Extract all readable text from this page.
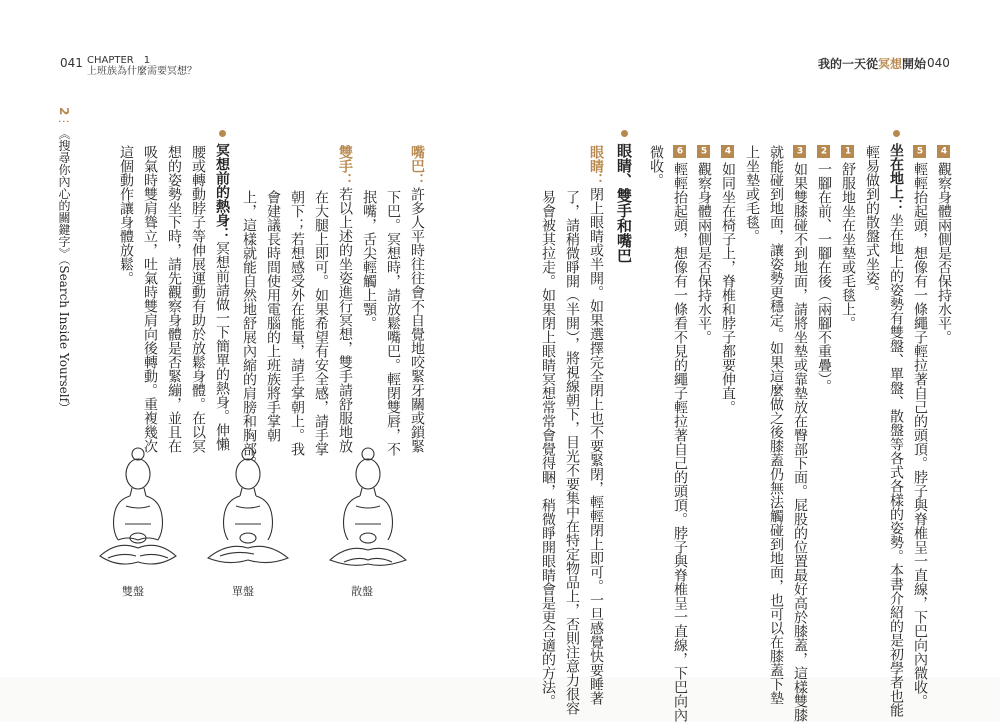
041 CHAPTER　1
上班族為什麼需要冥想？
我的一天從冥想開始 040
4觀察身體兩側是否保持水平。
5輕輕抬起頭，想像有一條繩子輕拉著自己的頭頂。脖子與脊椎呈一直線，下巴向內微收。
坐在地上：坐在地上的姿勢有雙盤、單盤、散盤等各式各樣的姿勢。本書介紹的是初學者也能
輕易做到的散盤式坐姿。
1舒服地坐在坐墊或毛毯上。
2一腳在前、一腳在後（兩腳不重疊）。
3如果雙膝碰不到地面，請將坐墊或靠墊放在臀部下面。屁股的位置最好高於膝蓋，這樣雙膝
就能碰到地面，讓姿勢更穩定。如果這麼做之後膝蓋仍無法觸碰到地面，也可以在膝蓋下墊
上坐墊或毛毯。
4如同坐在椅子上，脊椎和脖子都要伸直。
5觀察身體兩側是否保持水平。
6輕輕抬起頭，想像有一條看不見的繩子輕拉著自己的頭頂。脖子與脊椎呈一直線，下巴向內
微收。
眼睛、雙手和嘴巴
眼睛：閉上眼睛或半開。如果選擇完全閉上也不要緊閉，輕輕閉上即可。一旦感覺快要睡著
了，請稍微睜開（半開），將視線朝下，目光不要集中在特定物品上，否則注意力很容
易會被其拉走。如果閉上眼睛冥想常常會覺得睏，稍微睜開眼睛會是更合適的方法。
嘴巴：許多人平時往往會不自覺地咬緊牙關或鎖緊
下巴。冥想時，請放鬆嘴巴。輕閉雙唇，不
抿嘴，舌尖輕觸上顎。
雙手：若以上述的坐姿進行冥想，雙手請舒服地放
在大腿上即可。如果希望有安全感，請手掌
朝下；若想感受外在能量，請手掌朝上。我
會建議長時間使用電腦的上班族將手掌朝
上，這樣就能自然地舒展內縮的肩膀和胸部。
冥想前的熱身：冥想前請做一下簡單的熱身。伸懶
腰或轉動脖子等伸展運動有助於放鬆身體。在以冥
想的姿勢坐下時，請先觀察身體是否緊繃，並且在
吸氣時雙肩聳立，吐氣時雙肩向後轉動。重複幾次
這個動作讓身體放鬆。
2⋮《搜尋你內心的關鍵字》（Search Inside Yourself）
雙盤	單盤	散盤
